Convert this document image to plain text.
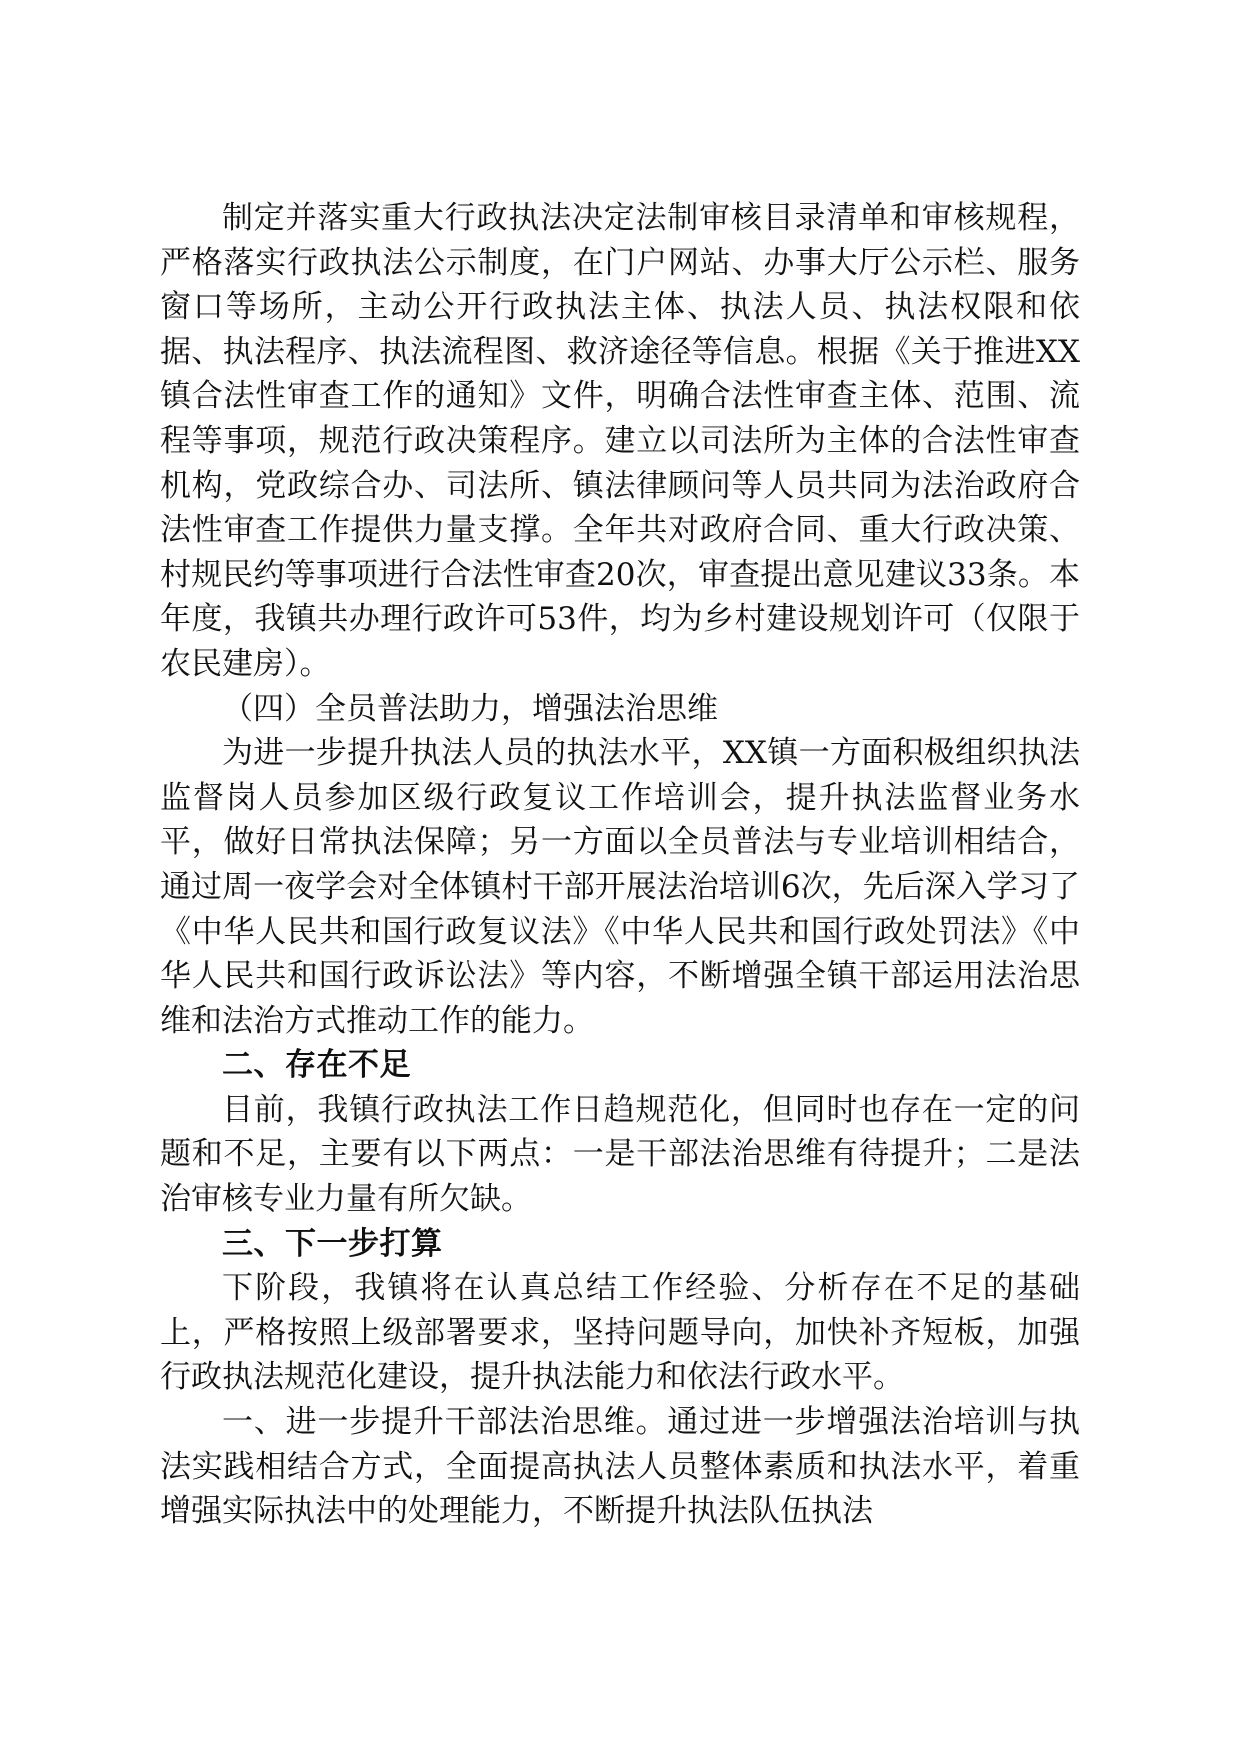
制定并落实重大行政执法决定法制审核目录清单和审核规程，严格落实行政执法公示制度，在门户网站、办事大厅公示栏、服务窗口等场所，主动公开行政执法主体、执法人员、执法权限和依据、执法程序、执法流程图、救济途径等信息。根据《关于推进XX镇合法性审查工作的通知》文件，明确合法性审查主体、范围、流程等事项，规范行政决策程序。建立以司法所为主体的合法性审查机构，党政综合办、司法所、镇法律顾问等人员共同为法治政府合法性审查工作提供力量支撑。全年共对政府合同、重大行政决策、村规民约等事项进行合法性审查20次，审查提出意见建议33条。本年度，我镇共办理行政许可53件，均为乡村建设规划许可（仅限于农民建房）。

（四）全员普法助力，增强法治思维

为进一步提升执法人员的执法水平，XX镇一方面积极组织执法监督岗人员参加区级行政复议工作培训会，提升执法监督业务水平，做好日常执法保障；另一方面以全员普法与专业培训相结合，通过周一夜学会对全体镇村干部开展法治培训6次，先后深入学习了《中华人民共和国行政复议法》《中华人民共和国行政处罚法》《中华人民共和国行政诉讼法》等内容，不断增强全镇干部运用法治思维和法治方式推动工作的能力。

二、存在不足

目前，我镇行政执法工作日趋规范化，但同时也存在一定的问题和不足，主要有以下两点：一是干部法治思维有待提升；二是法治审核专业力量有所欠缺。

三、下一步打算

下阶段，我镇将在认真总结工作经验、分析存在不足的基础上，严格按照上级部署要求，坚持问题导向，加快补齐短板，加强行政执法规范化建设，提升执法能力和依法行政水平。

一、进一步提升干部法治思维。通过进一步增强法治培训与执法实践相结合方式，全面提高执法人员整体素质和执法水平，着重增强实际执法中的处理能力，不断提升执法队伍执法
